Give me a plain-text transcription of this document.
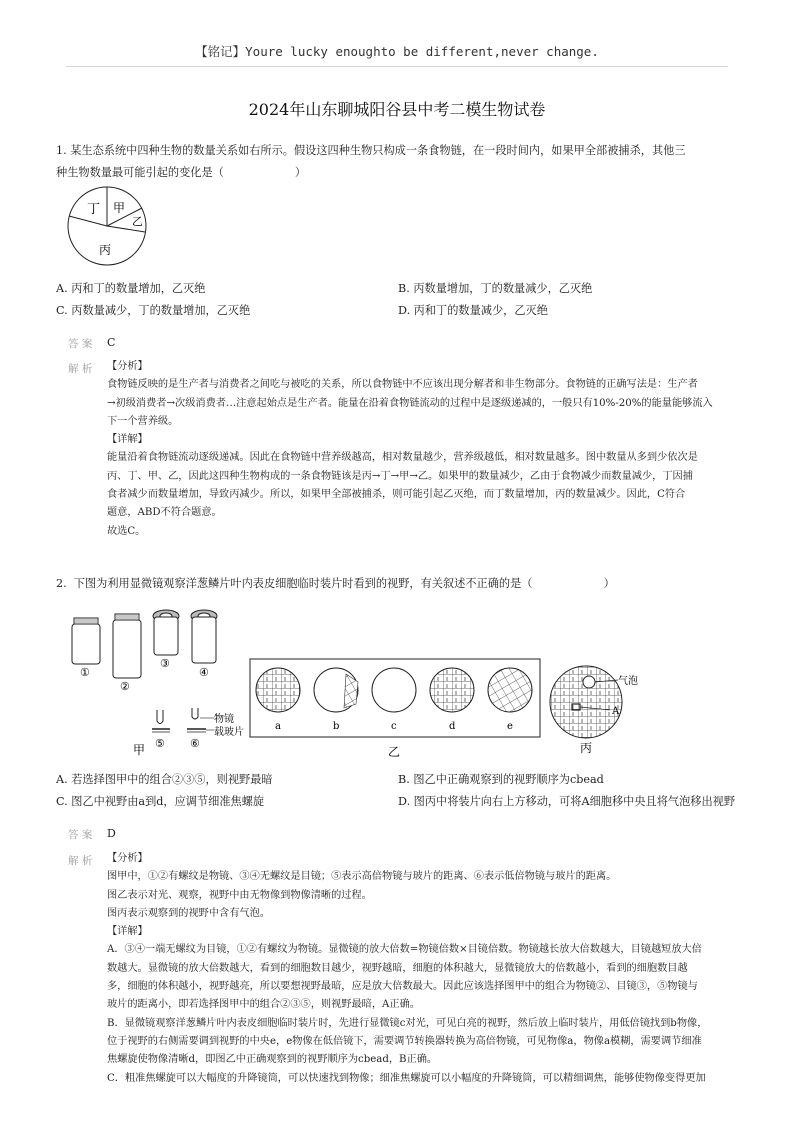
【铭记】Youre lucky enoughto be different,never change.
2024年山东聊城阳谷县中考二模生物试卷
1. 某生态系统中四种生物的数量关系如右所示。假设这四种生物只构成一条食物链，在一段时间内，如果甲全部被捕杀，其他三
种生物数量最可能引起的变化是（                    ）
丁 甲
乙
丙
A. 丙和丁的数量增加，乙灭绝	B. 丙数量增加，丁的数量减少，乙灭绝
C. 丙数量减少，丁的数量增加，乙灭绝	D. 丙和丁的数量减少，乙灭绝
答 案 C
解 析 【分析】
食物链反映的是生产者与消费者之间吃与被吃的关系，所以食物链中不应该出现分解者和非生物部分。食物链的正确写法是：生产者
→初级消费者→次级消费者…注意起始点是生产者。能量在沿着食物链流动的过程中是逐级递减的，一般只有10%-20%的能量能够流入
下一个营养级。
【详解】
能量沿着食物链流动逐级递减。因此在食物链中营养级越高，相对数量越少，营养级越低，相对数量越多。图中数量从多到少依次是
丙、丁、甲、乙，因此这四种生物构成的一条食物链该是丙→丁→甲→乙。如果甲的数量减少，乙由于食物减少而数量减少，丁因捕
食者减少而数量增加，导致丙减少。所以，如果甲全部被捕杀，则可能引起乙灭绝，而丁数量增加，丙的数量减少。因此，C符合
题意，ABD不符合题意。
故选C。
2.  下图为利用显微镜观察洋葱鳞片叶内表皮细胞临时装片时看到的视野，有关叙述不正确的是（                    ）
①
②
③
④
物镜
载玻片
⑤ ⑥
甲
a	b	c	d	e
乙
气泡
A
丙
A. 若选择图甲中的组合②③⑤，则视野最暗	B. 图乙中正确观察到的视野顺序为cbead
C. 图乙中视野由a到d，应调节细准焦螺旋	D. 图丙中将装片向右上方移动，可将A细胞移中央且将气泡移出视野
答 案 D
解 析 【分析】
图甲中，①②有螺纹是物镜、③④无螺纹是目镜；⑤表示高倍物镜与玻片的距离、⑥表示低倍物镜与玻片的距离。
图乙表示对光、观察，视野中由无物像到物像清晰的过程。
图丙表示观察到的视野中含有气泡。
【详解】
A．③④一端无螺纹为目镜，①②有螺纹为物镜。显微镜的放大倍数=物镜倍数×目镜倍数。物镜越长放大倍数越大，目镜越短放大倍
数越大。显微镜的放大倍数越大，看到的细胞数目越少，视野越暗，细胞的体积越大，显微镜放大的倍数越小，看到的细胞数目越
多，细胞的体积越小，视野越亮，所以要想视野最暗，应是放大倍数最大。因此应该选择图甲中的组合为物镜②、目镜③，⑤物镜与
玻片的距离小，即若选择图甲中的组合②③⑤，则视野最暗，A正确。
B．显微镜观察洋葱鳞片叶内表皮细胞临时装片时，先进行显微镜c对光，可见白亮的视野，然后放上临时装片，用低倍镜找到b物像，
位于视野的右侧需要调到视野的中央e，e物像在低倍镜下，需要调节转换器转换为高倍物镜，可见物像a，物像a模糊，需要调节细准
焦螺旋使物像清晰d，即图乙中正确观察到的视野顺序为cbead，B正确。
C．粗准焦螺旋可以大幅度的升降镜筒，可以快速找到物像；细准焦螺旋可以小幅度的升降镜筒，可以精细调焦，能够使物像变得更加
